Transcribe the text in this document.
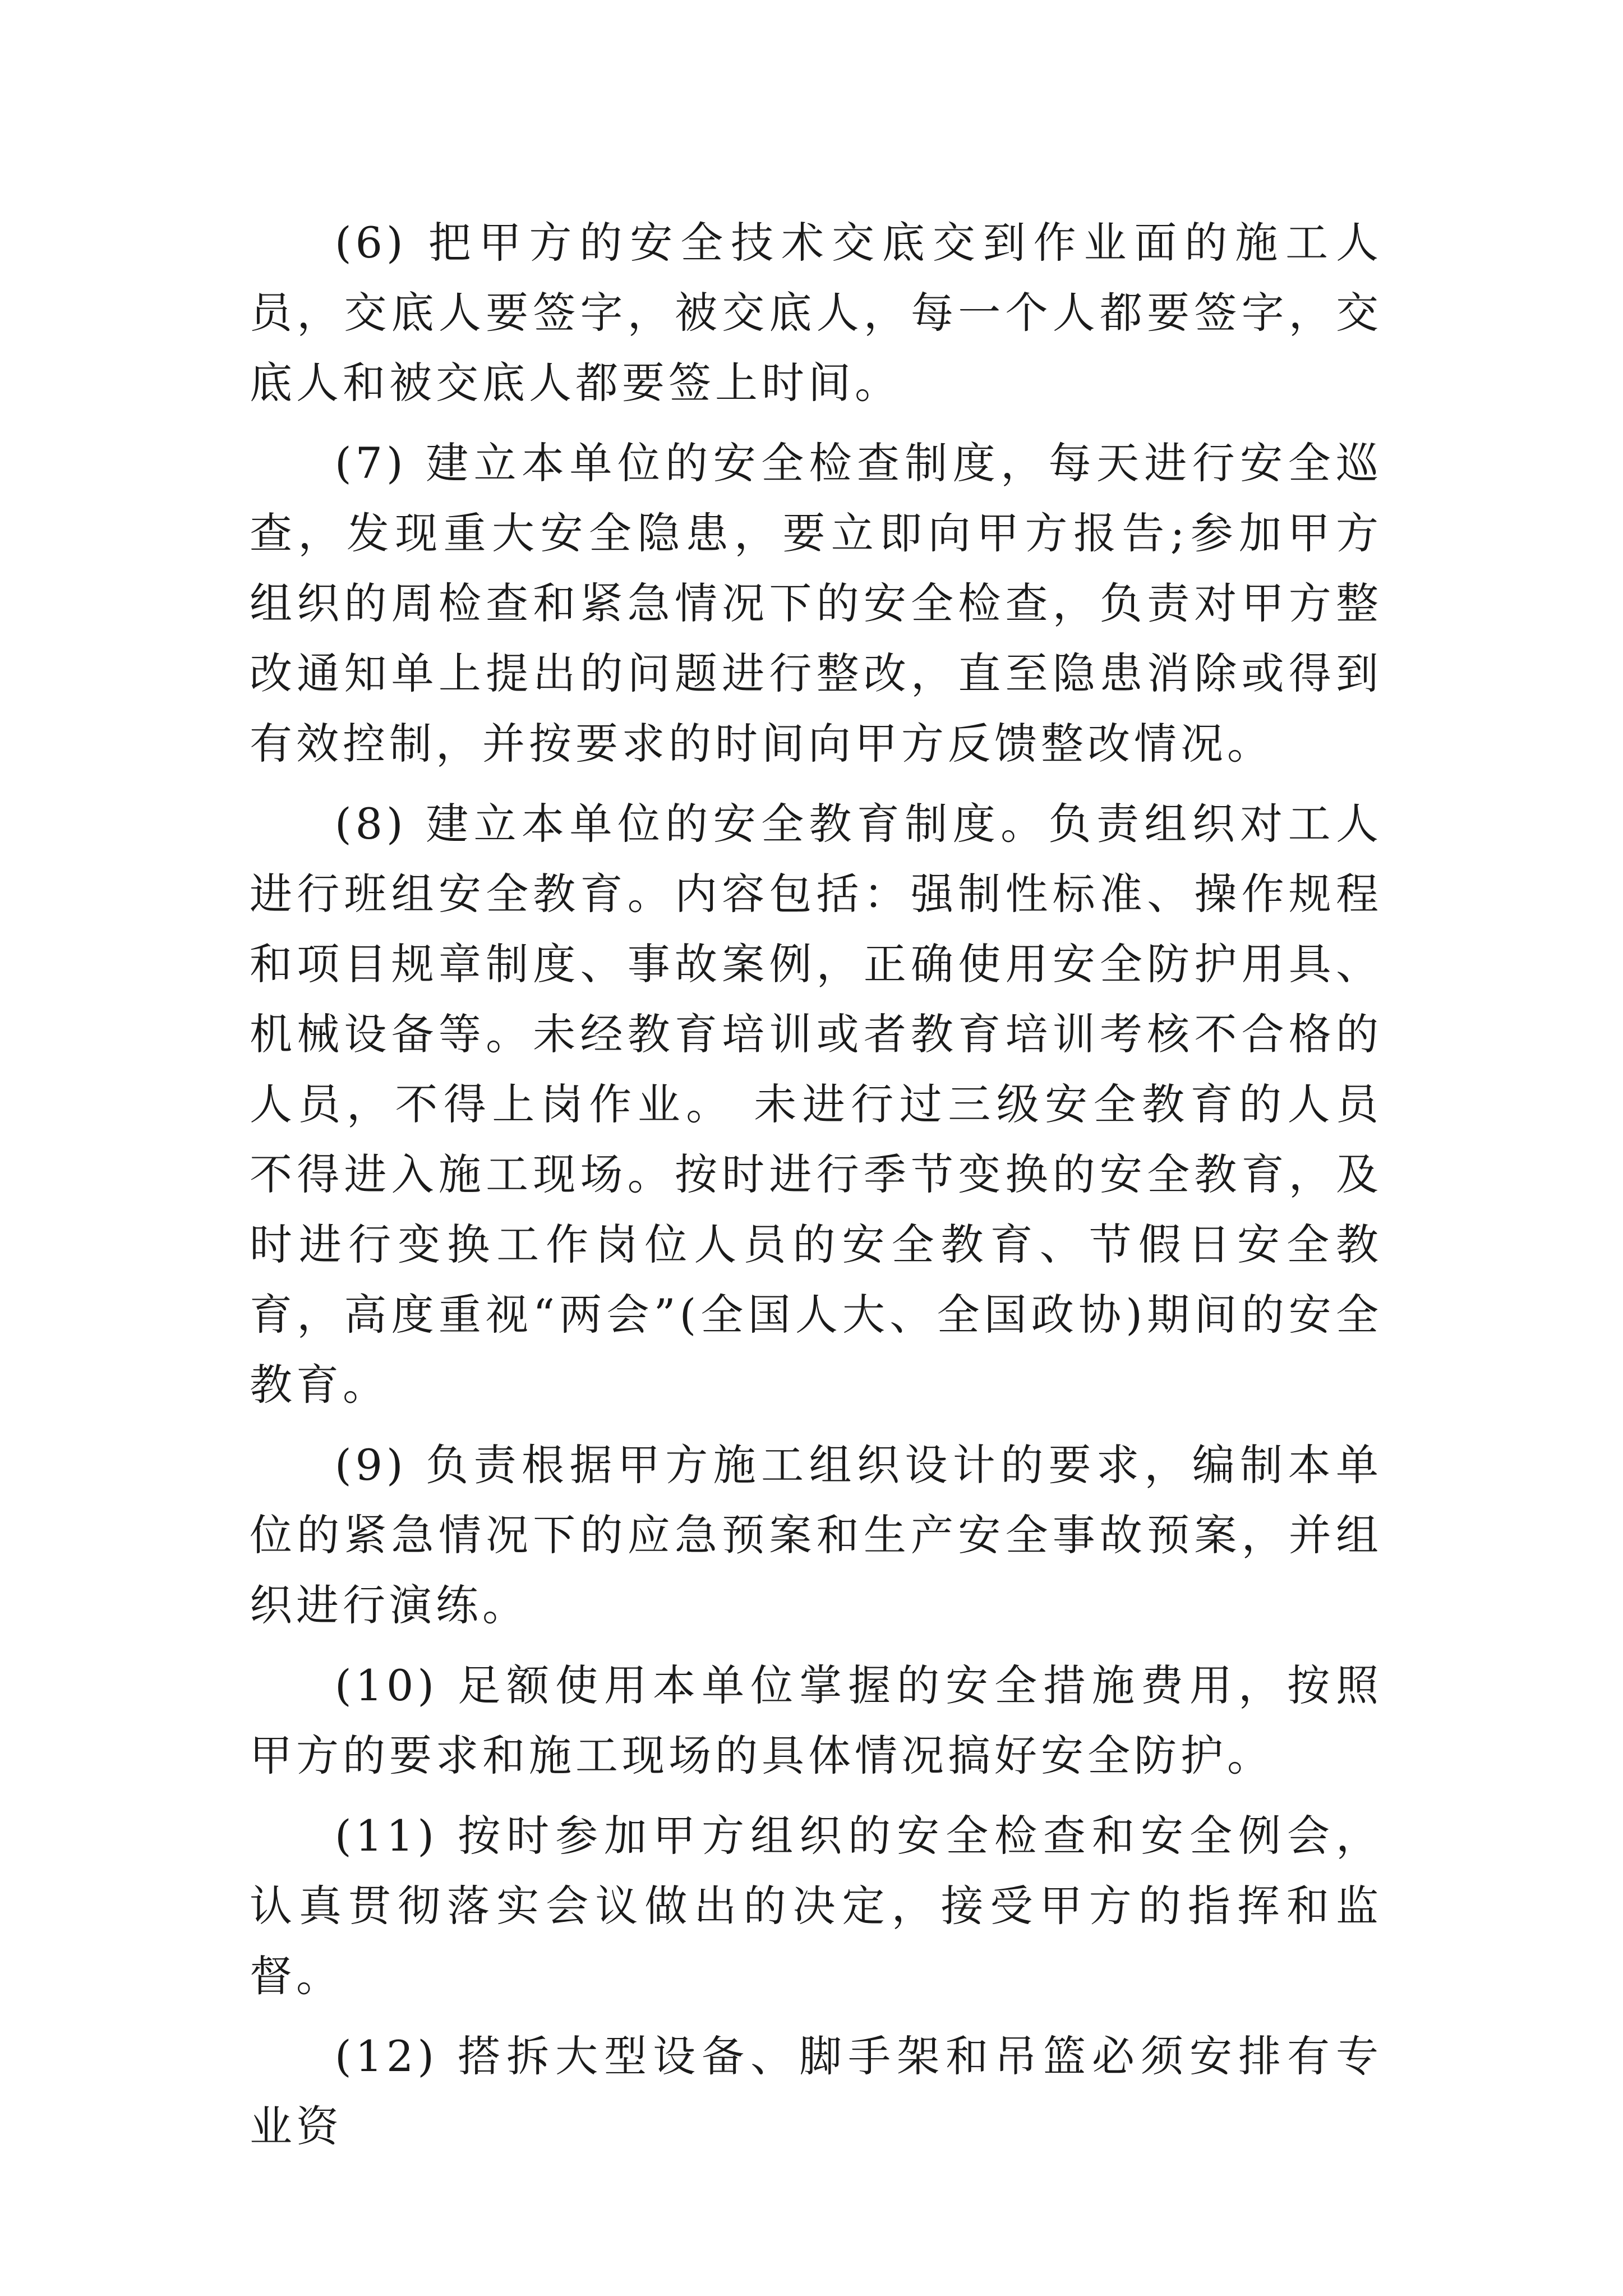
(6) 把甲方的安全技术交底交到作业面的施工人员，交底人要签字，被交底人，每一个人都要签字，交底人和被交底人都要签上时间。

(7) 建立本单位的安全检查制度，每天进行安全巡查，发现重大安全隐患，要立即向甲方报告;参加甲方组织的周检查和紧急情况下的安全检查，负责对甲方整改通知单上提出的问题进行整改，直至隐患消除或得到有效控制，并按要求的时间向甲方反馈整改情况。

(8) 建立本单位的安全教育制度。负责组织对工人进行班组安全教育。内容包括：强制性标准、操作规程和项目规章制度、事故案例，正确使用安全防护用具、机械设备等。未经教育培训或者教育培训考核不合格的人员，不得上岗作业。 未进行过三级安全教育的人员不得进入施工现场。按时进行季节变换的安全教育，及时进行变换工作岗位人员的安全教育、节假日安全教育，高度重视“两会”(全国人大、全国政协)期间的安全教育。

(9) 负责根据甲方施工组织设计的要求，编制本单位的紧急情况下的应急预案和生产安全事故预案，并组织进行演练。

(10) 足额使用本单位掌握的安全措施费用，按照甲方的要求和施工现场的具体情况搞好安全防护。

(11) 按时参加甲方组织的安全检查和安全例会，认真贯彻落实会议做出的决定，接受甲方的指挥和监督。

(12) 搭拆大型设备、脚手架和吊篮必须安排有专业资
